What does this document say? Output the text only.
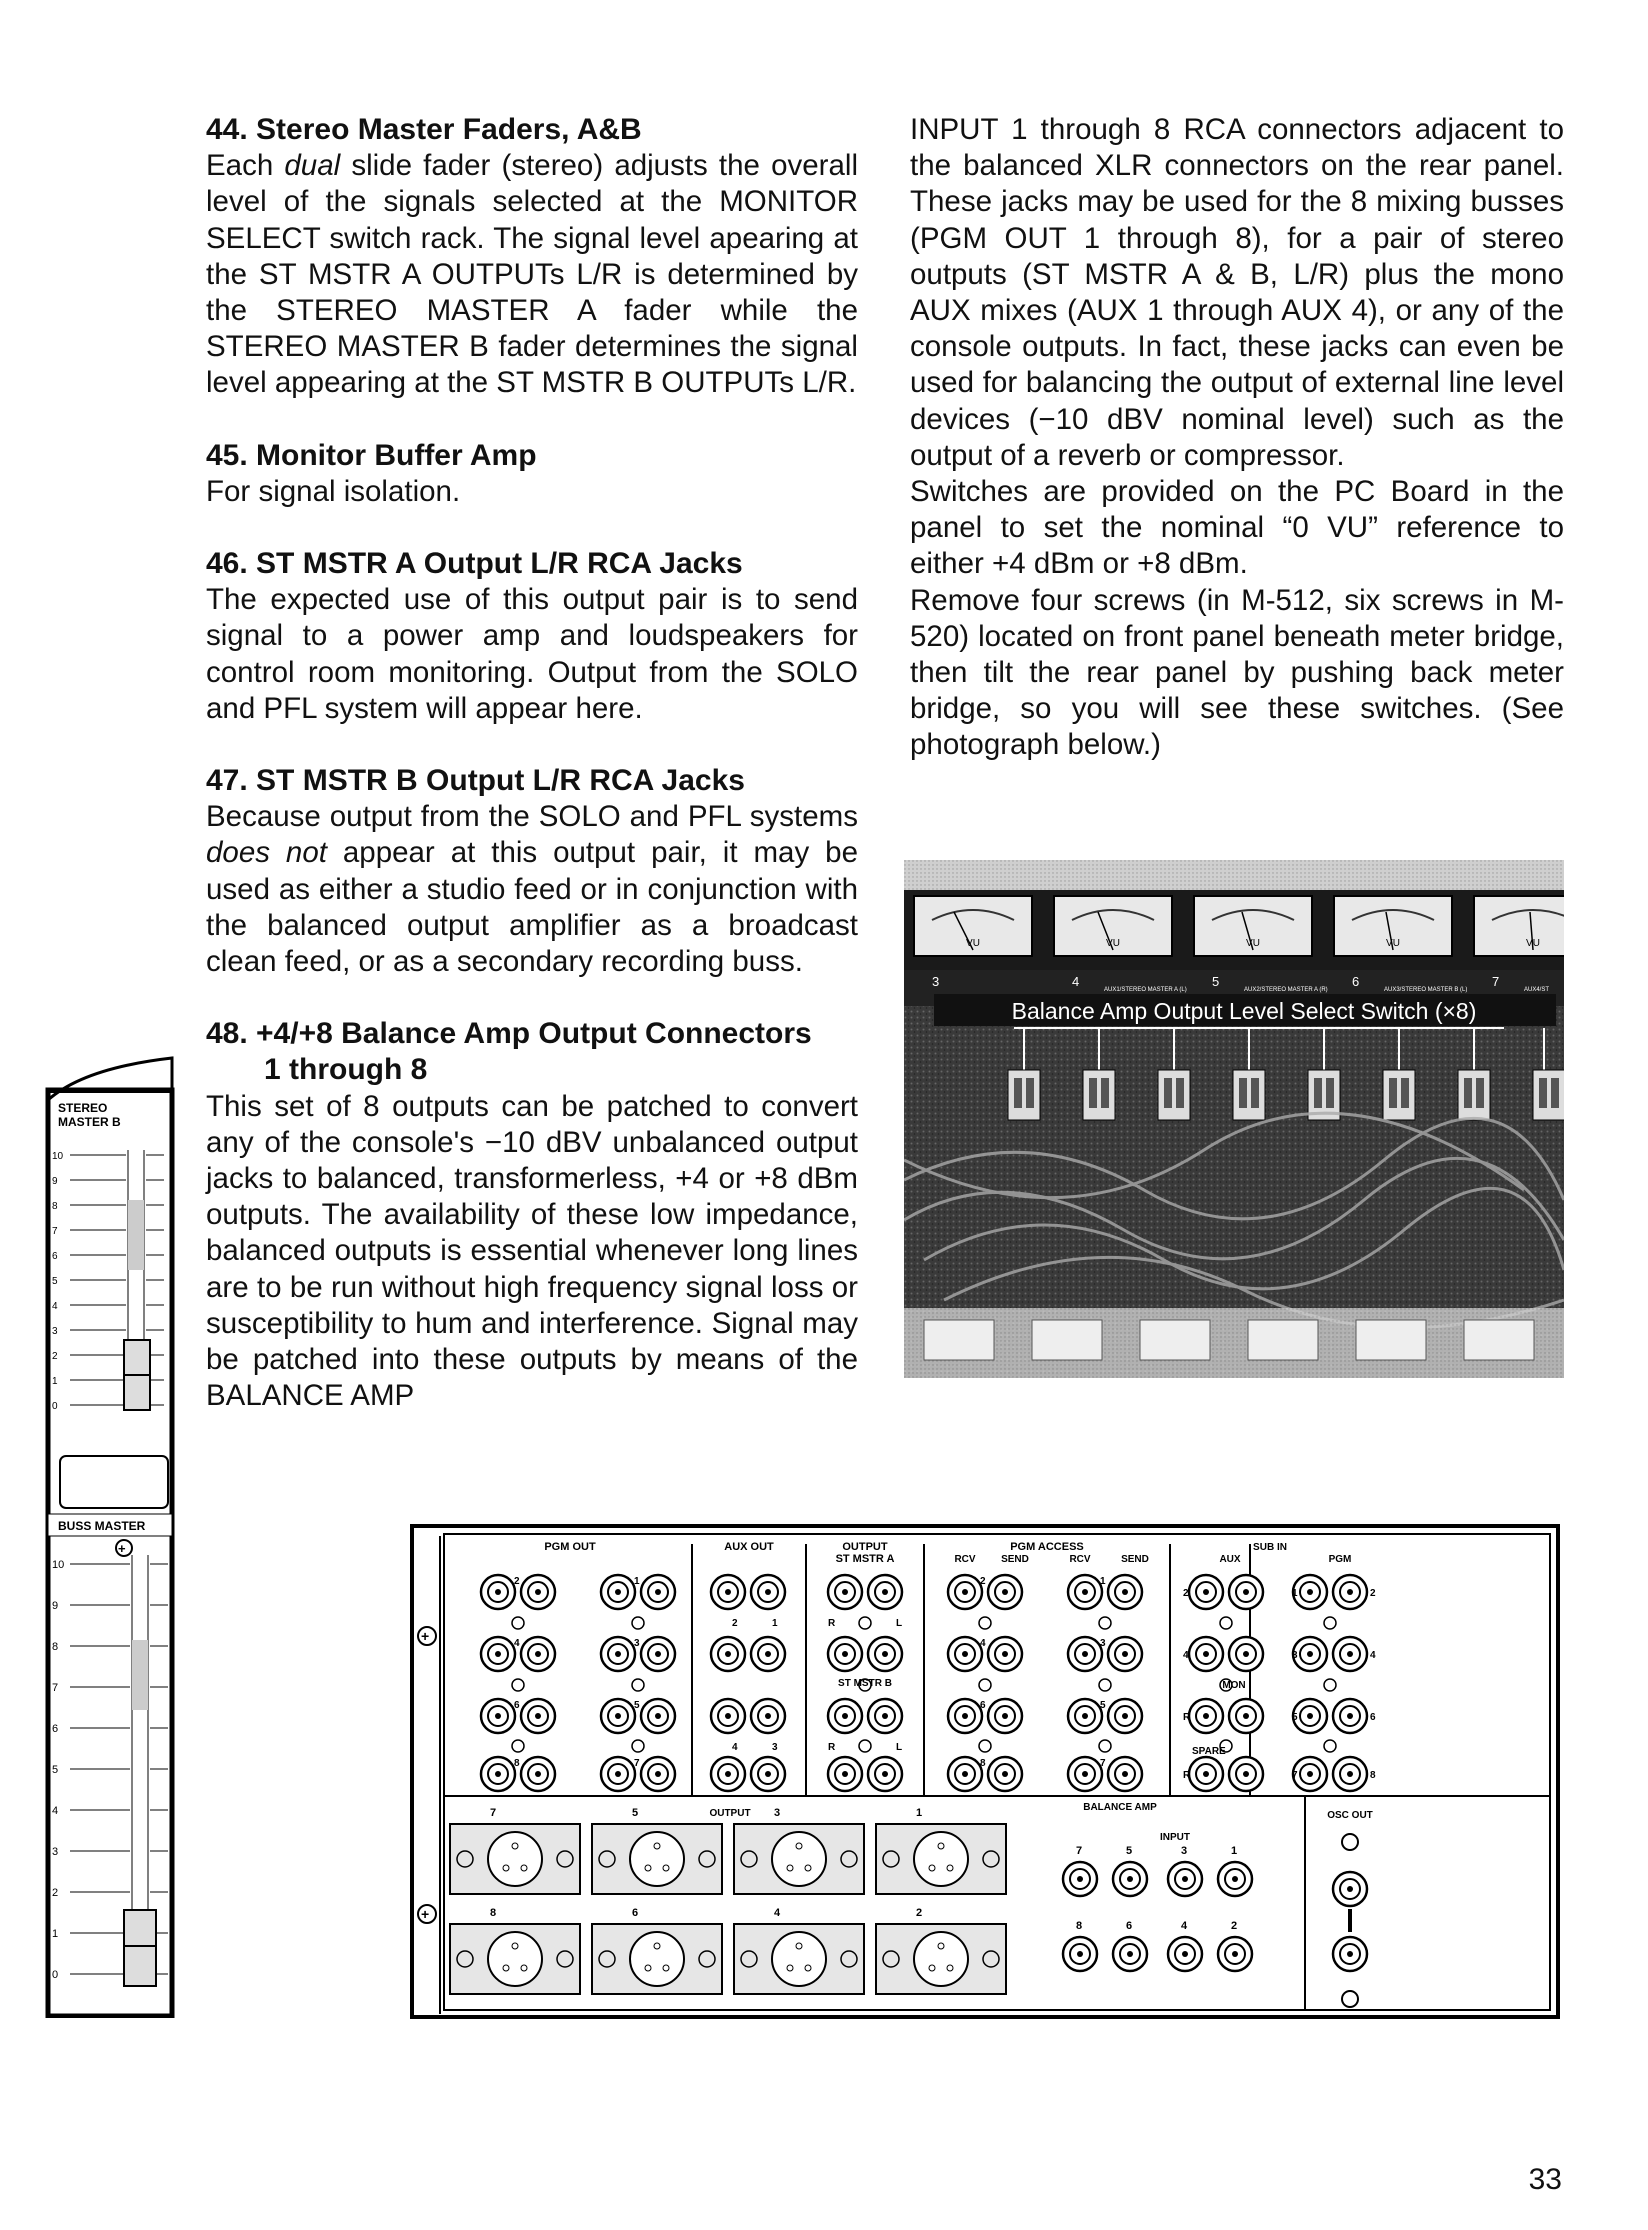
44. Stereo Master Faders, A&B

Each dual slide fader (stereo) adjusts the overall level of the signals selected at the MONITOR SELECT switch rack. The signal level apearing at the ST MSTR A OUTPUTs L/R is determined by the STEREO MASTER A fader while the STEREO MASTER B fader determines the signal level appearing at the ST MSTR B OUTPUTs L/R.

45. Monitor Buffer Amp

For signal isolation.

46. ST MSTR A Output L/R RCA Jacks

The expected use of this output pair is to send signal to a power amp and loudspeakers for control room monitoring. Output from the SOLO and PFL system will appear here.

47. ST MSTR B Output L/R RCA Jacks

Because output from the SOLO and PFL systems does not appear at this output pair, it may be used as either a studio feed or in conjunction with the balanced output amplifier as a broadcast clean feed, or as a secondary recording buss.

48. +4/+8 Balance Amp Output Connectors
1 through 8

This set of 8 outputs can be patched to convert any of the console's −10 dBV unbalanced output jacks to balanced, transformerless, +4 or +8 dBm outputs. The availability of these low impedance, balanced outputs is essential whenever long lines are to be run without high frequency signal loss or susceptibility to hum and interference. Signal may be patched into these outputs by means of the BALANCE AMP

INPUT 1 through 8 RCA connectors adjacent to the balanced XLR connectors on the rear panel. These jacks may be used for the 8 mixing busses (PGM OUT 1 through 8), for a pair of stereo outputs (ST MSTR A & B, L/R) plus the mono AUX mixes (AUX 1 through AUX 4), or any of the console outputs. In fact, these jacks can even be used for balancing the output of external line level devices (−10 dBV nominal level) such as the output of a reverb or compressor.

Switches are provided on the PC Board in the panel to set the nominal “0 VU” reference to either +4 dBm or +8 dBm.

Remove four screws (in M-512, six screws in M-520) located on front panel beneath meter bridge, then tilt the rear panel by pushing back meter bridge, so you will see these switches. (See photograph below.)

STEREO
MASTER B
10
9
8
7
6
5
4
3
2
1
0
BUSS MASTER
+
10
9
8
7
6
5
4
3
2
1
0
VU	VU	VU	VU	VU
3	4	5	6	7
AUX1/STEREO MASTER A (L)	AUX2/STEREO MASTER A (R)	AUX3/STEREO MASTER B (L)	AUX4/ST
Balance Amp Output Level Select Switch (×8)
+
+
PGM OUT	AUX OUT	OUTPUT
ST MSTR A
ST MSTR B
PGM ACCESS
RCV	SEND	RCV	SEND
SUB IN
AUX	PGM
MON
SPARE
BALANCE AMP
INPUT
OSC OUT
OUTPUT
2	1
4	3
6	5
8	7
2	1
4	3
R	L
R	L
2	1
4	3
6	5
8	7
2
4
R
R
1	2
3	4
5	6
7	8
7	5	3	1
8	6	4	2
7
8
5
6
3
4
1
2
33
